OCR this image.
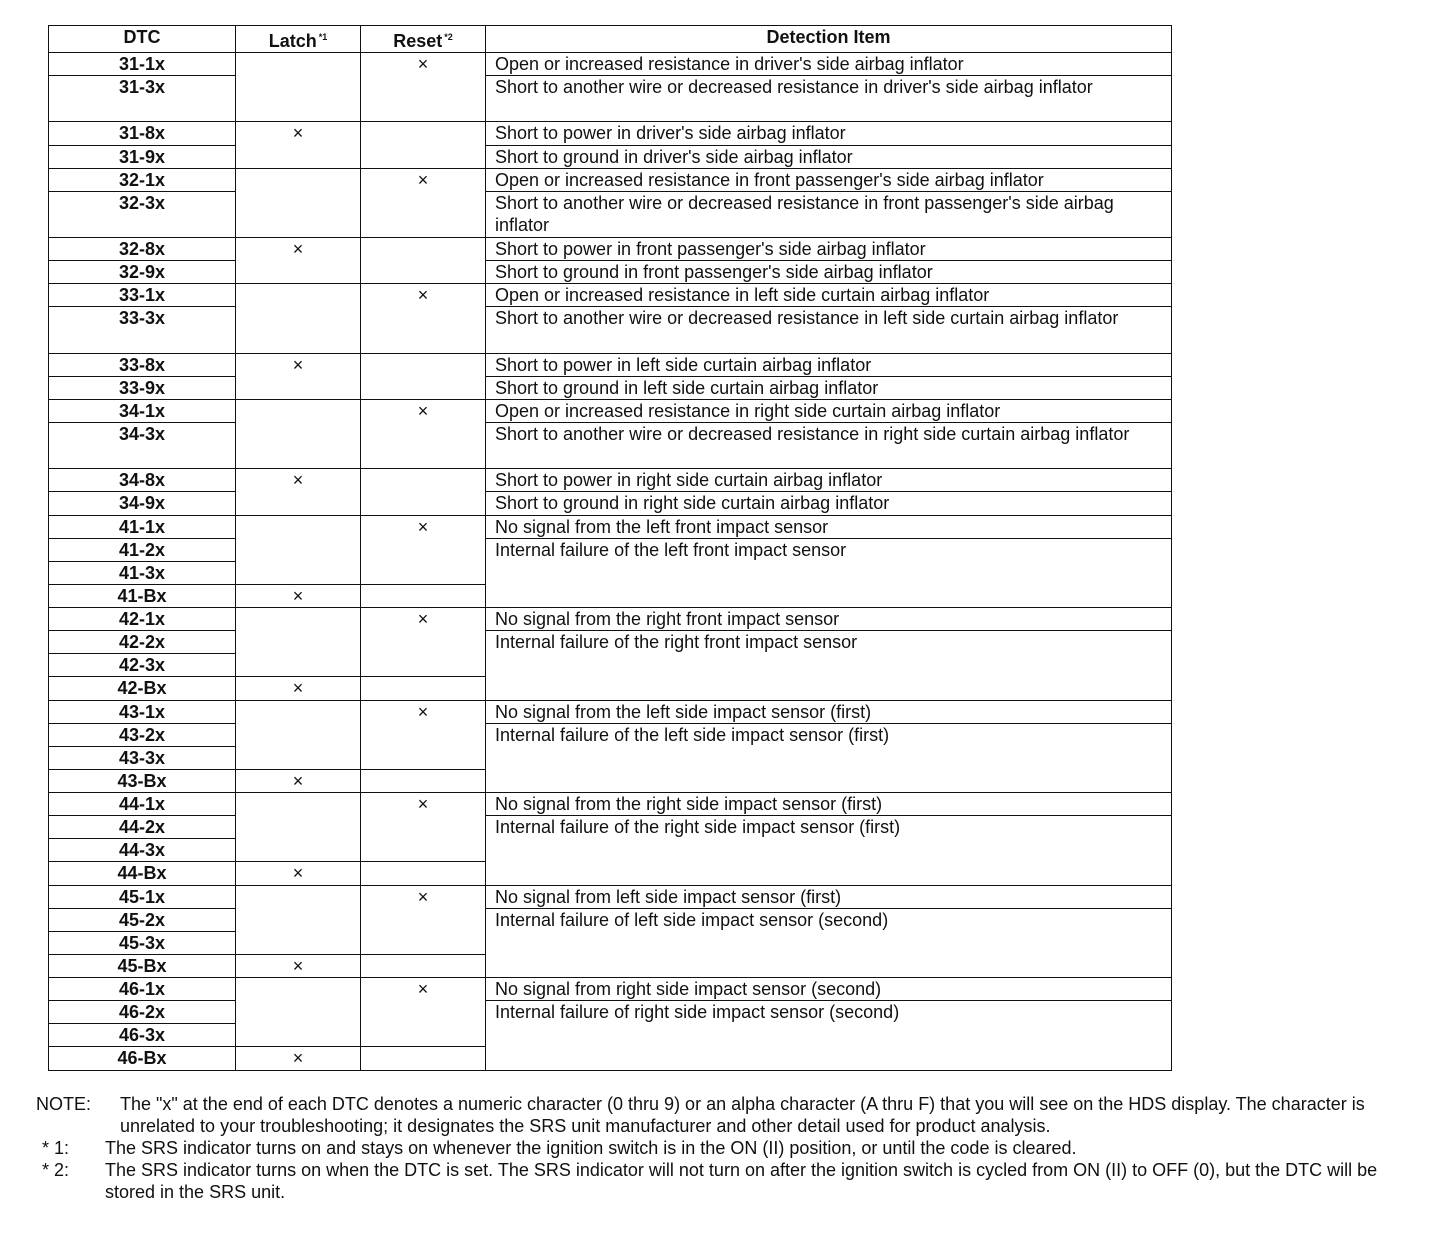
DTC	Latch $^{*1}$	Reset $^{*2}$	Detection Item
31-1x		×	Open or increased resistance in driver's side airbag inflator
31-3x			Short to another wire or decreased resistance in driver's side airbag inflator
31-8x	×		Short to power in driver's side airbag inflator
31-9x			Short to ground in driver's side airbag inflator
32-1x		×	Open or increased resistance in front passenger's side airbag inflator
32-3x			Short to another wire or decreased resistance in front passenger's side airbag inflator
32-8x	×		Short to power in front passenger's side airbag inflator
32-9x			Short to ground in front passenger's side airbag inflator
33-1x		×	Open or increased resistance in left side curtain airbag inflator
33-3x			Short to another wire or decreased resistance in left side curtain airbag inflator
33-8x	×		Short to power in left side curtain airbag inflator
33-9x			Short to ground in left side curtain airbag inflator
34-1x		×	Open or increased resistance in right side curtain airbag inflator
34-3x			Short to another wire or decreased resistance in right side curtain airbag inflator
34-8x	×		Short to power in right side curtain airbag inflator
34-9x			Short to ground in right side curtain airbag inflator
41-1x		×	No signal from the left front impact sensor
41-2x			Internal failure of the left front impact sensor
41-3x			
41-Bx	×		
42-1x		×	No signal from the right front impact sensor
42-2x			Internal failure of the right front impact sensor
42-3x			
42-Bx	×		
43-1x		×	No signal from the left side impact sensor (first)
43-2x			Internal failure of the left side impact sensor (first)
43-3x			
43-Bx	×		
44-1x		×	No signal from the right side impact sensor (first)
44-2x			Internal failure of the right side impact sensor (first)
44-3x			
44-Bx	×		
45-1x		×	No signal from left side impact sensor (first)
45-2x			Internal failure of left side impact sensor (second)
45-3x			
45-Bx	×		
46-1x		×	No signal from right side impact sensor (second)
46-2x			Internal failure of right side impact sensor (second)
46-3x			
46-Bx	×		
NOTE:	The "x" at the end of each DTC denotes a numeric character (0 thru 9) or an alpha character (A thru F) that you will see on the HDS display. The character is unrelated to your troubleshooting; it designates the SRS unit manufacturer and other detail used for product analysis.
* 1:	The SRS indicator turns on and stays on whenever the ignition switch is in the ON (II) position, or until the code is cleared.
* 2:	The SRS indicator turns on when the DTC is set. The SRS indicator will not turn on after the ignition switch is cycled from ON (II) to OFF (0), but the DTC will be stored in the SRS unit.
